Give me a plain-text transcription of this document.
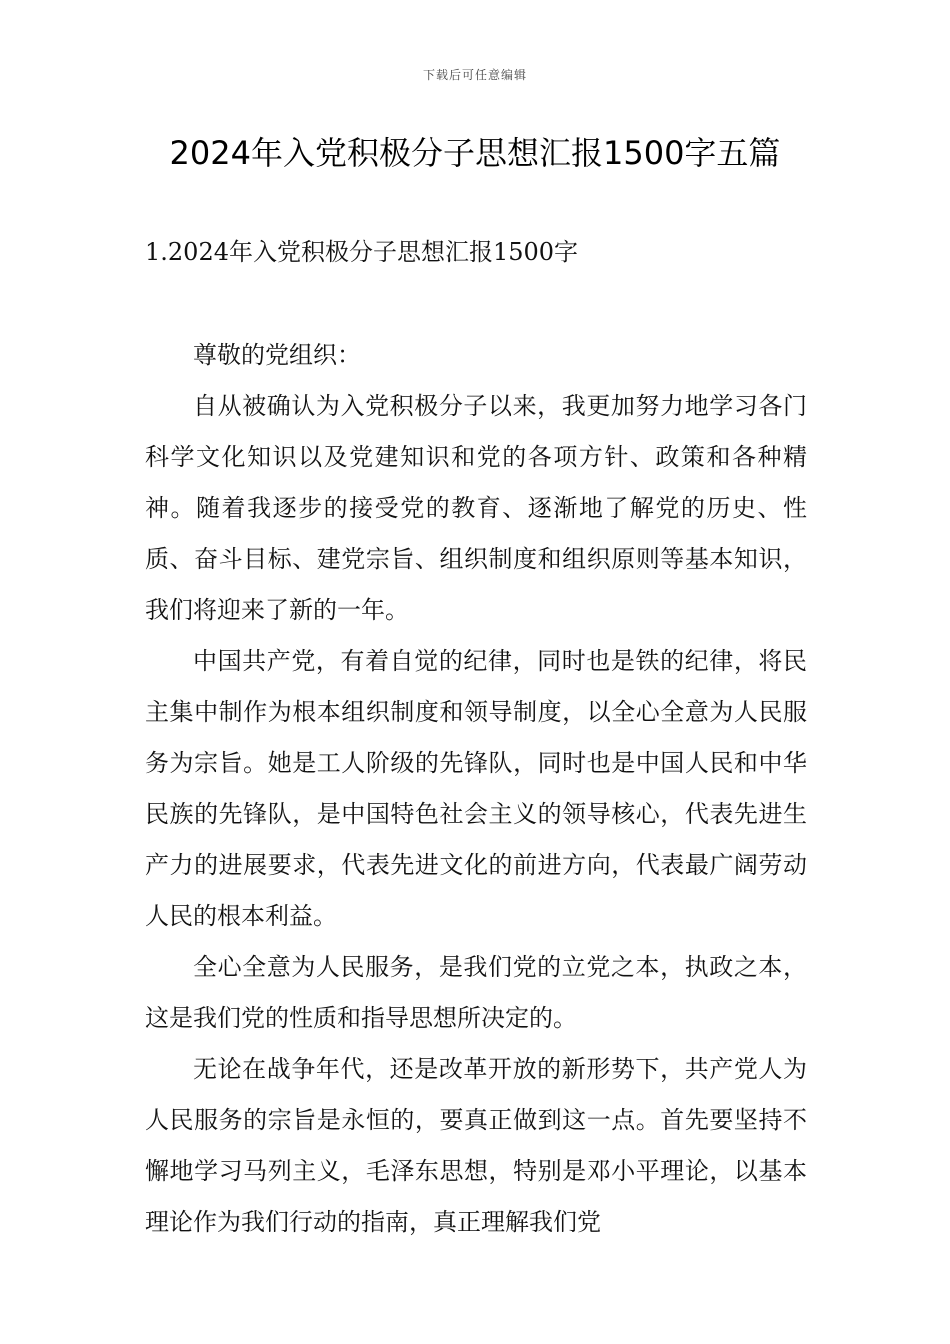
下载后可任意编辑
2024年入党积极分子思想汇报1500字五篇
1.2024年入党积极分子思想汇报1500字

尊敬的党组织：

自从被确认为入党积极分子以来，我更加努力地学习各门科学文化知识以及党建知识和党的各项方针、政策和各种精神。随着我逐步的接受党的教育、逐渐地了解党的历史、性质、奋斗目标、建党宗旨、组织制度和组织原则等基本知识，我们将迎来了新的一年。

中国共产党，有着自觉的纪律，同时也是铁的纪律，将民主集中制作为根本组织制度和领导制度，以全心全意为人民服务为宗旨。她是工人阶级的先锋队，同时也是中国人民和中华民族的先锋队，是中国特色社会主义的领导核心，代表先进生产力的进展要求，代表先进文化的前进方向，代表最广阔劳动人民的根本利益。

全心全意为人民服务，是我们党的立党之本，执政之本，这是我们党的性质和指导思想所决定的。

无论在战争年代，还是改革开放的新形势下，共产党人为人民服务的宗旨是永恒的，要真正做到这一点。首先要坚持不懈地学习马列主义，毛泽东思想，特别是邓小平理论，以基本理论作为我们行动的指南，真正理解我们党
